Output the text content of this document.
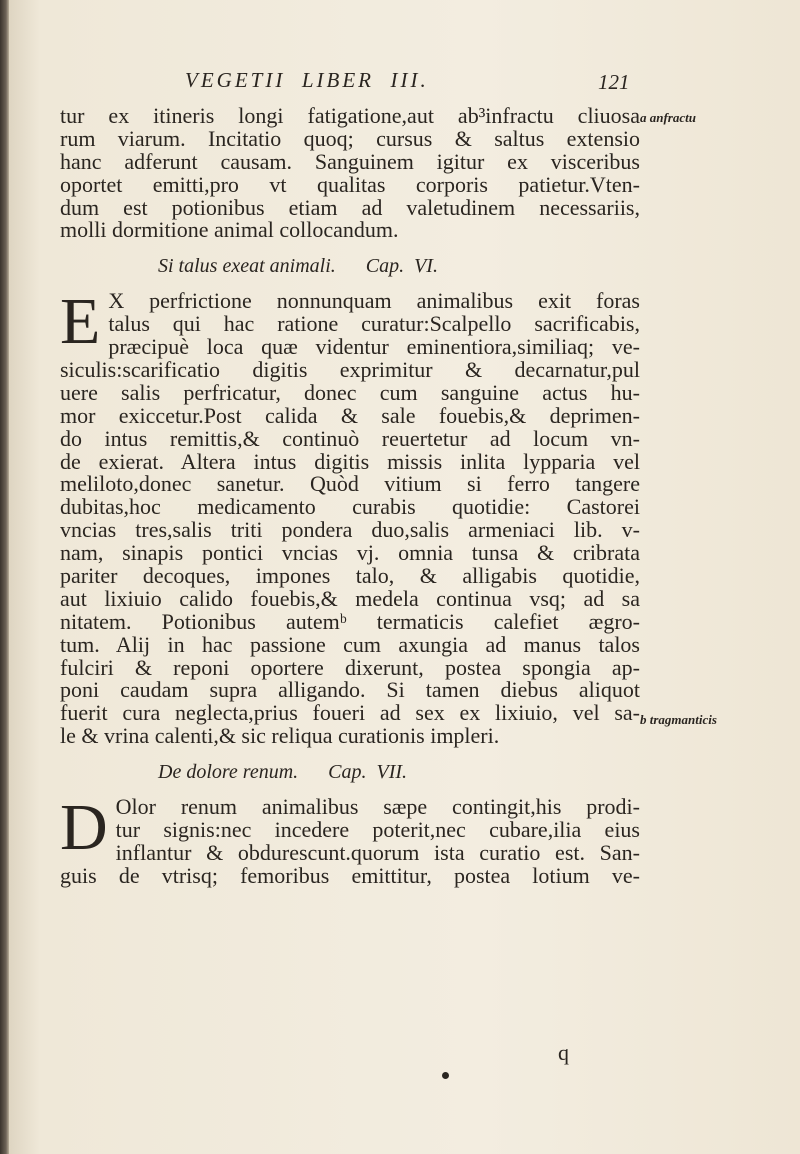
VEGETII  LIBER  III.	121
a anfractu
b tragmanticis
tur ex itineris longi fatigatione,aut ab³infractu cliuosa
rum viarum. Incitatio quoq; cursus & saltus extensio
hanc adferunt causam. Sanguinem igitur ex visceribus
oportet emitti,pro vt qualitas corporis patietur.Vten-
dum est potionibus etiam ad valetudinem necessariis,
molli dormitione animal collocandum.
Si talus exeat animali.      Cap.  VI.
E X perfrictione nonnunquam animalibus exit foras
talus qui hac ratione curatur:Scalpello sacrificabis,
præcipuè loca quæ videntur eminentiora,similiaq; ve-
siculis:scarificatio digitis exprimitur & decarnatur,pul
uere salis perfricatur, donec cum sanguine actus hu-
mor exiccetur.Post calida & sale fouebis,& deprimen-
do intus remittis,& continuò reuertetur ad locum vn-
de exierat. Altera intus digitis missis inlita lypparia vel
meliloto,donec sanetur. Quòd vitium si ferro tangere
dubitas,hoc medicamento curabis quotidie: Castorei
vncias tres,salis triti pondera duo,salis armeniaci lib. v-
nam, sinapis pontici vncias vj. omnia tunsa & cribrata
pariter decoques, impones talo, & alligabis quotidie,
aut lixiuio calido fouebis,& medela continua vsq; ad sa
nitatem. Potionibus autemᵇ termaticis calefiet ægro-
tum. Alij in hac passione cum axungia ad manus talos
fulciri & reponi oportere dixerunt, postea spongia ap-
poni caudam supra alligando. Si tamen diebus aliquot
fuerit cura neglecta,prius foueri ad sex ex lixiuio, vel sa-
le & vrina calenti,& sic reliqua curationis impleri.
De dolore renum.      Cap.  VII.
D Olor renum animalibus sæpe contingit,his prodi-
tur signis:nec incedere poterit,nec cubare,ilia eius
inflantur & obdurescunt.quorum ista curatio est. San-
guis de vtrisq; femoribus emittitur, postea lotium ve-
q
